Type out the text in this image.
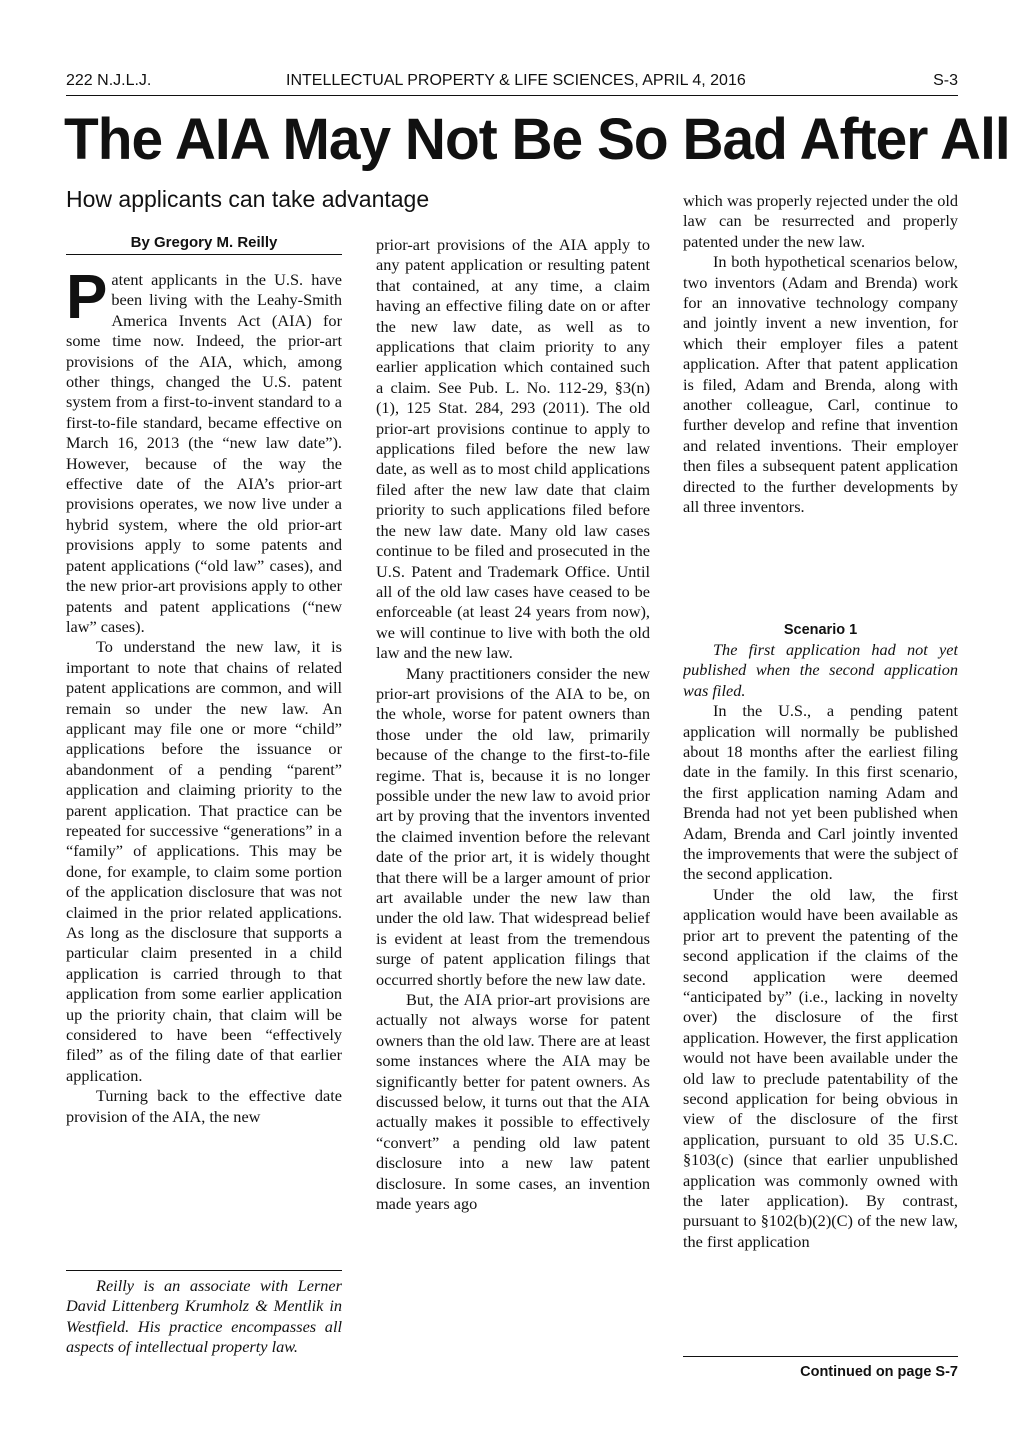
222 N.J.L.J.	INTELLECTUAL PROPERTY & LIFE SCIENCES, APRIL 4, 2016	S-3
The AIA May Not Be So Bad After All
How applicants can take advantage
By Gregory M. Reilly

Patent applicants in the U.S. have been living with the Leahy-Smith America Invents Act (AIA) for some time now. Indeed, the prior-art provisions of the AIA, which, among other things, changed the U.S. patent system from a first-to-invent standard to a first-to-file standard, became effective on March 16, 2013 (the “new law date”). However, because of the way the effective date of the AIA’s prior-art provisions operates, we now live under a hybrid system, where the old prior-art provisions apply to some patents and patent applications (“old law” cases), and the new prior-art provisions apply to other patents and patent applications (“new law” cases).

To understand the new law, it is important to note that chains of related patent applications are common, and will remain so under the new law. An applicant may file one or more “child” applications before the issuance or abandonment of a pending “parent” application and claiming priority to the parent application. That practice can be repeated for successive “generations” in a “family” of applications. This may be done, for example, to claim some portion of the application disclosure that was not claimed in the prior related applications. As long as the disclosure that supports a particular claim presented in a child application is carried through to that application from some earlier application up the priority chain, that claim will be considered to have been “effectively filed” as of the filing date of that earlier application.

Turning back to the effective date provision of the AIA, the new

Reilly is an associate with Lerner David Littenberg Krumholz & Mentlik in Westfield. His practice encompasses all aspects of intellectual property law.

prior-art provisions of the AIA apply to any patent application or resulting patent that contained, at any time, a claim having an effective filing date on or after the new law date, as well as to applications that claim priority to any earlier application which contained such a claim. See Pub. L. No. 112-29, §3(n)(1), 125 Stat. 284, 293 (2011). The old prior-art provisions continue to apply to applications filed before the new law date, as well as to most child applications filed after the new law date that claim priority to such applications filed before the new law date. Many old law cases continue to be filed and prosecuted in the U.S. Patent and Trademark Office. Until all of the old law cases have ceased to be enforceable (at least 24 years from now), we will continue to live with both the old law and the new law.

Many practitioners consider the new prior-art provisions of the AIA to be, on the whole, worse for patent owners than those under the old law, primarily because of the change to the first-to-file regime. That is, because it is no longer possible under the new law to avoid prior art by proving that the inventors invented the claimed invention before the relevant date of the prior art, it is widely thought that there will be a larger amount of prior art available under the new law than under the old law. That widespread belief is evident at least from the tremendous surge of patent application filings that occurred shortly before the new law date.

But, the AIA prior-art provisions are actually not always worse for patent owners than the old law. There are at least some instances where the AIA may be significantly better for patent owners. As discussed below, it turns out that the AIA actually makes it possible to effectively “convert” a pending old law patent disclosure into a new law patent disclosure. In some cases, an invention made years ago

which was properly rejected under the old law can be resurrected and properly patented under the new law.

In both hypothetical scenarios below, two inventors (Adam and Brenda) work for an innovative technology company and jointly invent a new invention, for which their employer files a patent application. After that patent application is filed, Adam and Brenda, along with another colleague, Carl, continue to further develop and refine that invention and related inventions. Their employer then files a subsequent patent application directed to the further developments by all three inventors.

Scenario 1

The first application had not yet published when the second application was filed.

In the U.S., a pending patent application will normally be published about 18 months after the earliest filing date in the family. In this first scenario, the first application naming Adam and Brenda had not yet been published when Adam, Brenda and Carl jointly invented the improvements that were the subject of the second application.

Under the old law, the first application would have been available as prior art to prevent the patenting of the second application if the claims of the second application were deemed “anticipated by” (i.e., lacking in novelty over) the disclosure of the first application. However, the first application would not have been available under the old law to preclude patentability of the second application for being obvious in view of the disclosure of the first application, pursuant to old 35 U.S.C. §103(c) (since that earlier unpublished application was commonly owned with the later application). By contrast, pursuant to §102(b)(2)(C) of the new law, the first application

Continued on page S-7
